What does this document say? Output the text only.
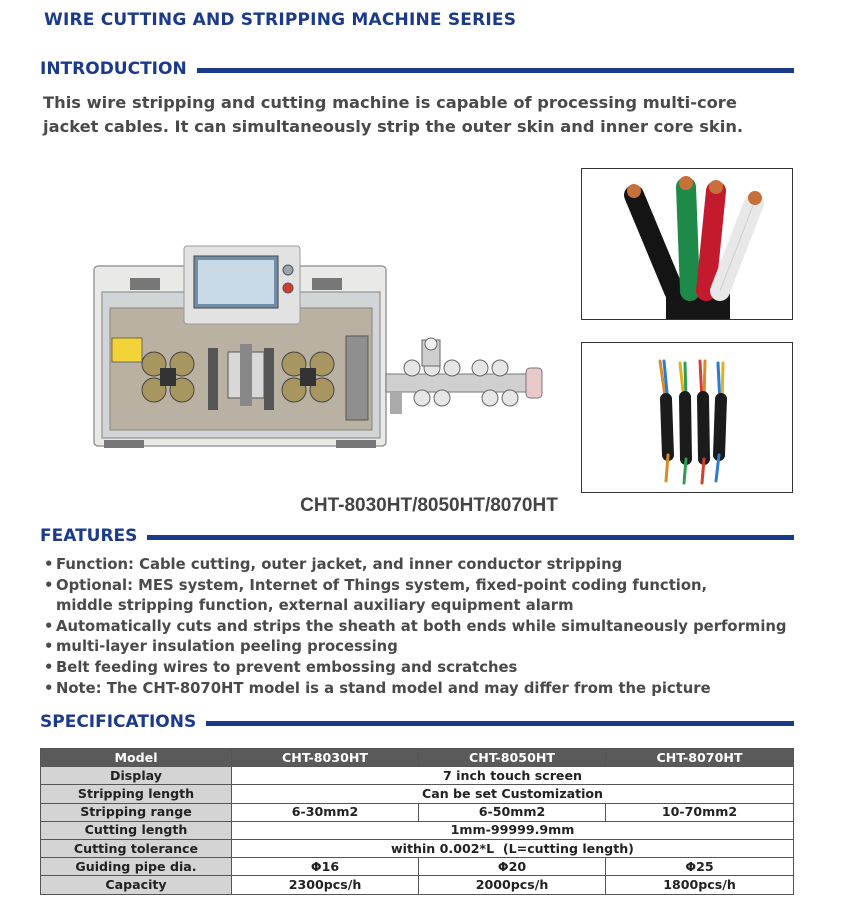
WIRE CUTTING AND STRIPPING MACHINE SERIES
INTRODUCTION
This wire stripping and cutting machine is capable of processing multi-core
jacket cables. It can simultaneously strip the outer skin and inner core skin.
CHT-8030HT/8050HT/8070HT
FEATURES
• Function: Cable cutting, outer jacket, and inner conductor stripping
• Optional: MES system, Internet of Things system, fixed-point coding function,
middle stripping function, external auxiliary equipment alarm
• Automatically cuts and strips the sheath at both ends while simultaneously performing
• multi-layer insulation peeling processing
• Belt feeding wires to prevent embossing and scratches
• Note: The CHT-8070HT model is a stand model and may differ from the picture
SPECIFICATIONS
Model	CHT-8030HT	CHT-8050HT	CHT-8070HT
Display	7 inch touch screen		
Stripping length	Can be set Customization		
Stripping range	6-30mm2	6-50mm2	10-70mm2
Cutting length	1mm-99999.9mm		
Cutting tolerance	within 0.002*L  (L=cutting length)		
Guiding pipe dia.	Φ16	Φ20	Φ25
Capacity	2300pcs/h	2000pcs/h	1800pcs/h
